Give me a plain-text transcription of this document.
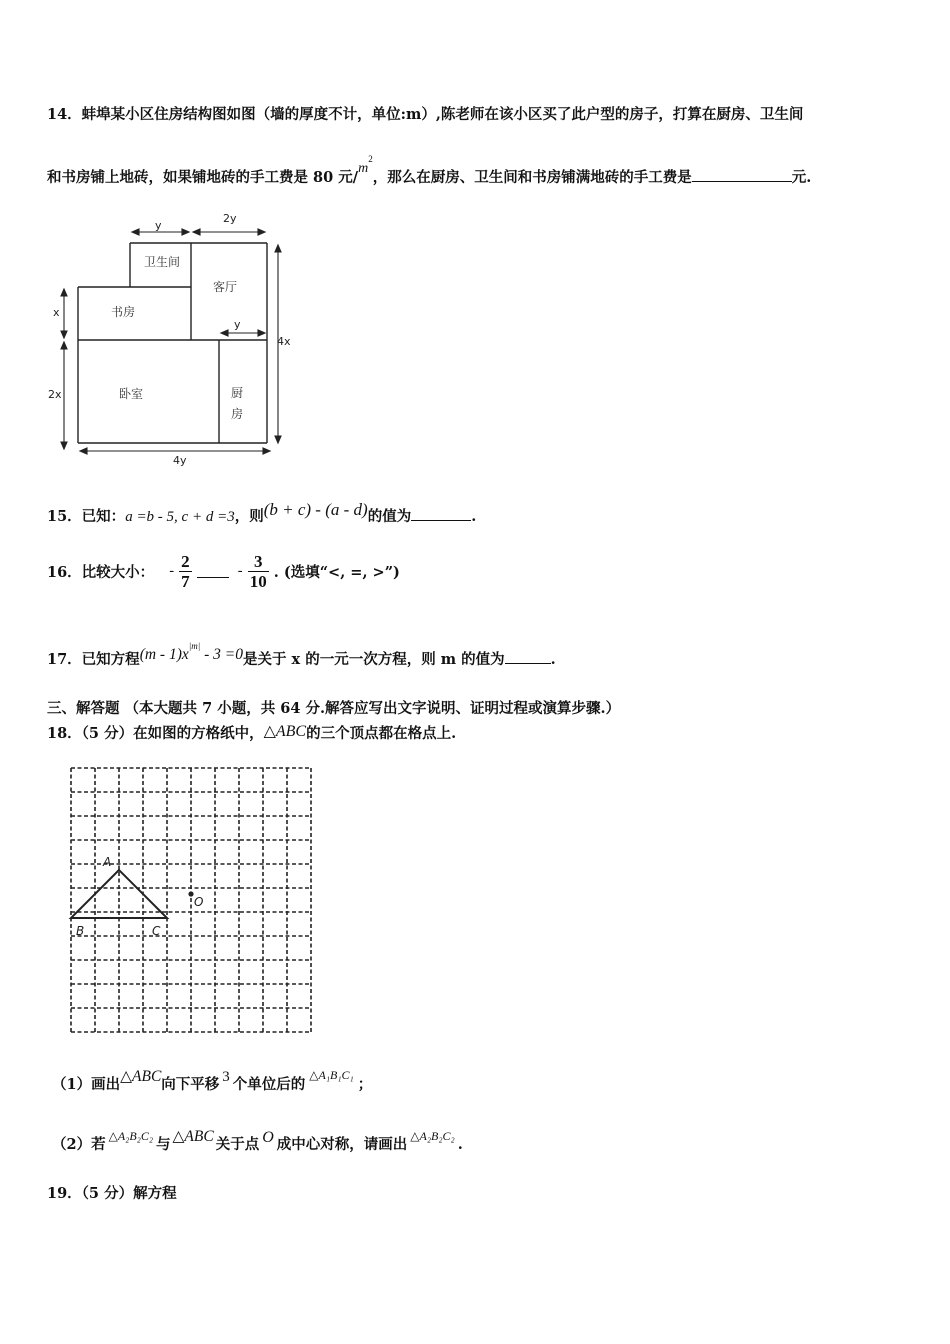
14．蚌埠某小区住房结构图如图（墙的厚度不计，单位:m）,陈老师在该小区买了此户型的房子，打算在厨房、卫生间
和书房铺上地砖，如果铺地砖的手工费是 80 元$/m^2$，那么在厨房、卫生间和书房铺满地砖的手工费是	元.
卫生间
客厅
书房
卧室	厨
房
y
2y
y
x
2x
4x
4y
15．已知：a =b - 5, c + d =3，则(b + c) - (a - d)的值为	.
16．比较大小： - $\frac{2}{7}$	- $\frac{3}{10}$ . (选填“<, =, >”)
17．已知方程$(m - 1)x^{|m|} - 3 =0$是关于 x 的一元一次方程，则 m 的值为	.
三、解答题 （本大题共 7 小题，共 64 分.解答应写出文字说明、证明过程或演算步骤.）
18．（5 分）在如图的方格纸中，△ABC的三个顶点都在格点上.
A
B	C
O
（1）画出△ABC向下平移 3 个单位后的$^{\triangle A_1B_1C_1}$；
（2）若 $^{\triangle A_2B_2C_2}$ 与 △ABC 关于点 O 成中心对称，请画出 $^{\triangle A_2B_2C_2}$ .
19．（5 分）解方程
